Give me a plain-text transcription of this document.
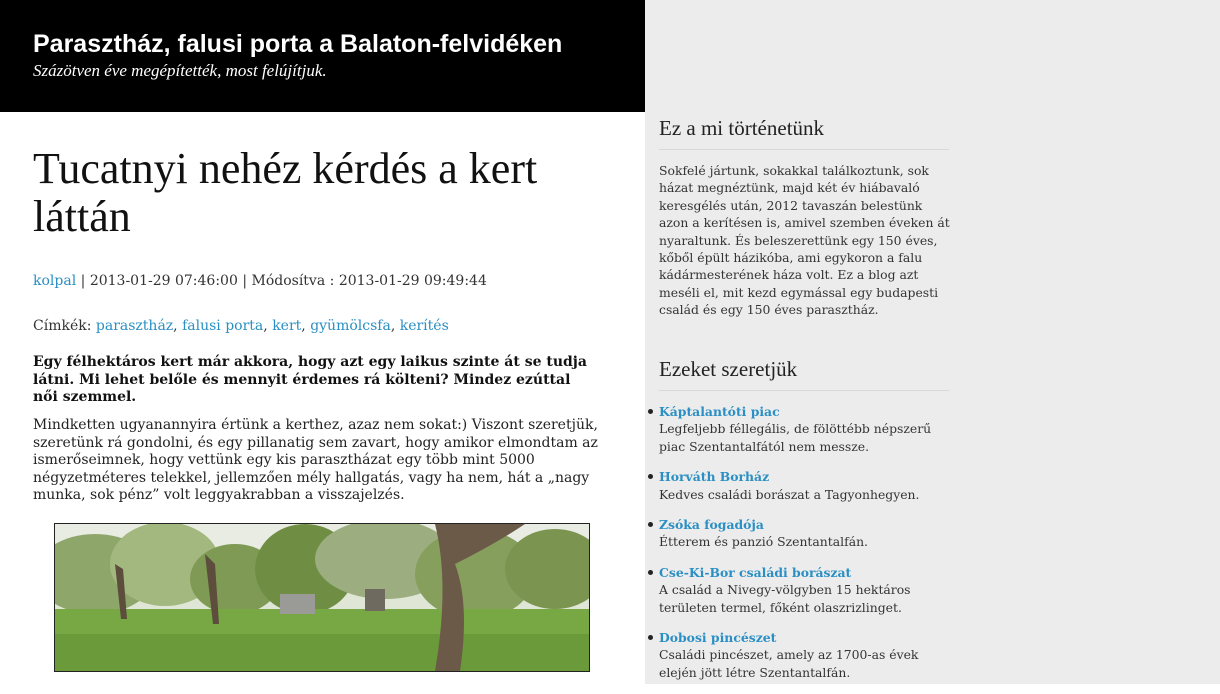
Parasztház, falusi porta a Balaton-felvidéken
Százötven éve megépítették, most felújítjuk.
Tucatnyi nehéz kérdés a kert láttán
kolpal | 2013-01-29 07:46:00 | Módosítva : 2013-01-29 09:49:44
Címkék: parasztház, falusi porta, kert, gyümölcsfa, kerítés
Egy félhektáros kert már akkora, hogy azt egy laikus szinte át se tudja látni. Mi lehet belőle és mennyit érdemes rá költeni? Mindez ezúttal női szemmel.
Mindketten ugyanannyira értünk a kerthez, azaz nem sokat:) Viszont szeretjük, szeretünk rá gondolni, és egy pillanatig sem zavart, hogy amikor elmondtam az ismerőseimnek, hogy vettünk egy kis parasztházat egy több mint 5000 négyzetméteres telekkel, jellemzően mély hallgatás, vagy ha nem, hát a „nagy munka, sok pénz” volt leggyakrabban a visszajelzés.
Ez a mi történetünk
Sokfelé jártunk, sokakkal találkoztunk, sok házat megnéztünk, majd két év hiábavaló keresgélés után, 2012 tavaszán belestünk azon a kerítésen is, amivel szemben éveken át nyaraltunk. És beleszerettünk egy 150 éves, kőből épült házikóba, ami egykoron a falu kádármesterének háza volt. Ez a blog azt meséli el, mit kezd egymással egy budapesti család és egy 150 éves parasztház.
Ezeket szeretjük
Káptalantóti piac
Legfeljebb féllegális, de fölöttébb népszerű piac Szentantalfától nem messze.
Horváth Borház
Kedves családi borászat a Tagyonhegyen.
Zsóka fogadója
Étterem és panzió Szentantalfán.
Cse-Ki-Bor családi borászat
A család a Nivegy-völgyben 15 hektáros területen termel, főként olaszrizlinget.
Dobosi pincészet
Családi pincészet, amely az 1700-as évek elején jött létre Szentantalfán.
